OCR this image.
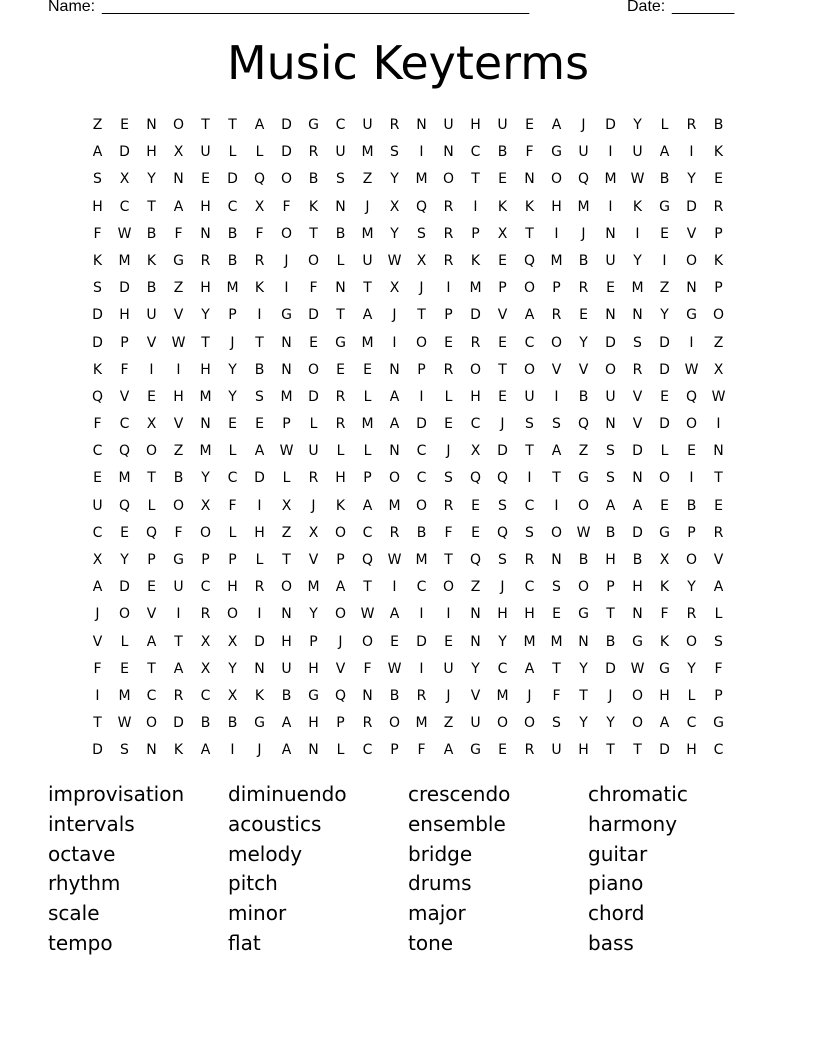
Name: ________________________________________________	Date: _______
Music Keyterms
Z	E	N	O	T	T	A	D	G	C	U	R	N	U	H	U	E	A	J	D	Y	L	R	B
A	D	H	X	U	L	L	D	R	U	M	S	I	N	C	B	F	G	U	I	U	A	I	K
S	X	Y	N	E	D	Q	O	B	S	Z	Y	M	O	T	E	N	O	Q	M	W	B	Y	E
H	C	T	A	H	C	X	F	K	N	J	X	Q	R	I	K	K	H	M	I	K	G	D	R
F	W	B	F	N	B	F	O	T	B	M	Y	S	R	P	X	T	I	J	N	I	E	V	P
K	M	K	G	R	B	R	J	O	L	U	W	X	R	K	E	Q	M	B	U	Y	I	O	K
S	D	B	Z	H	M	K	I	F	N	T	X	J	I	M	P	O	P	R	E	M	Z	N	P
D	H	U	V	Y	P	I	G	D	T	A	J	T	P	D	V	A	R	E	N	N	Y	G	O
D	P	V	W	T	J	T	N	E	G	M	I	O	E	R	E	C	O	Y	D	S	D	I	Z
K	F	I	I	H	Y	B	N	O	E	E	N	P	R	O	T	O	V	V	O	R	D	W	X
Q	V	E	H	M	Y	S	M	D	R	L	A	I	L	H	E	U	I	B	U	V	E	Q	W
F	C	X	V	N	E	E	P	L	R	M	A	D	E	C	J	S	S	Q	N	V	D	O	I
C	Q	O	Z	M	L	A	W	U	L	L	N	C	J	X	D	T	A	Z	S	D	L	E	N
E	M	T	B	Y	C	D	L	R	H	P	O	C	S	Q	Q	I	T	G	S	N	O	I	T
U	Q	L	O	X	F	I	X	J	K	A	M	O	R	E	S	C	I	O	A	A	E	B	E
C	E	Q	F	O	L	H	Z	X	O	C	R	B	F	E	Q	S	O	W	B	D	G	P	R
X	Y	P	G	P	P	L	T	V	P	Q	W	M	T	Q	S	R	N	B	H	B	X	O	V
A	D	E	U	C	H	R	O	M	A	T	I	C	O	Z	J	C	S	O	P	H	K	Y	A
J	O	V	I	R	O	I	N	Y	O	W	A	I	I	N	H	H	E	G	T	N	F	R	L
V	L	A	T	X	X	D	H	P	J	O	E	D	E	N	Y	M	M	N	B	G	K	O	S
F	E	T	A	X	Y	N	U	H	V	F	W	I	U	Y	C	A	T	Y	D	W	G	Y	F
I	M	C	R	C	X	K	B	G	Q	N	B	R	J	V	M	J	F	T	J	O	H	L	P
T	W	O	D	B	B	G	A	H	P	R	O	M	Z	U	O	O	S	Y	Y	O	A	C	G
D	S	N	K	A	I	J	A	N	L	C	P	F	A	G	E	R	U	H	T	T	D	H	C
improvisation	diminuendo	crescendo	chromatic
intervals	acoustics	ensemble	harmony
octave	melody	bridge	guitar
rhythm	pitch	drums	piano
scale	minor	major	chord
tempo	flat	tone	bass
